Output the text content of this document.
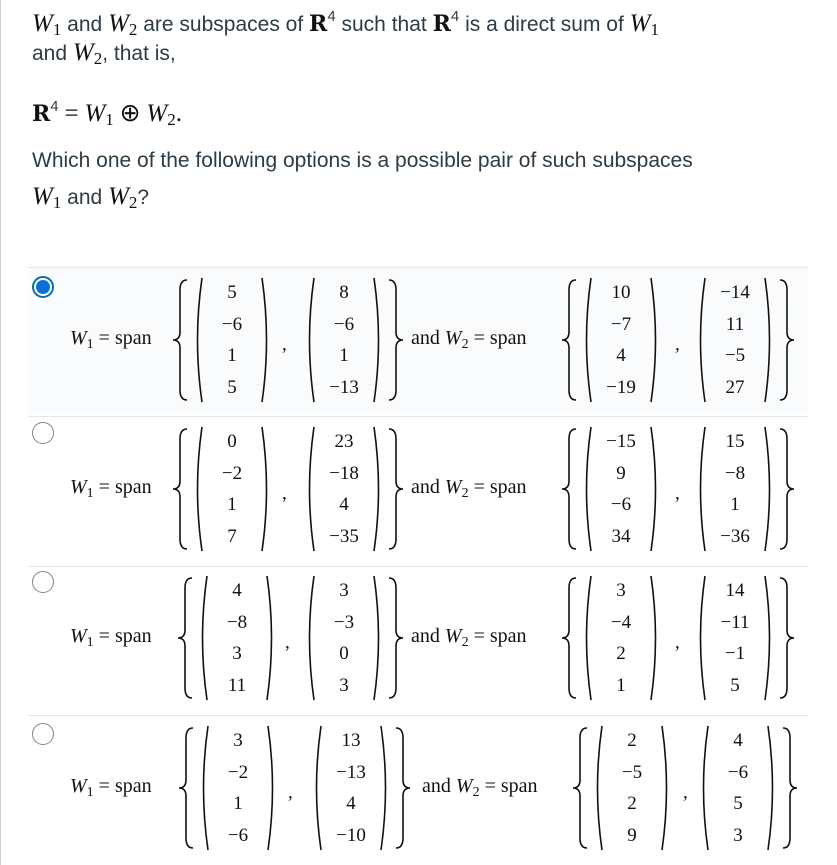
$W_1$ and $W_2$ are subspaces of $R^4$ such that $R^4$ is a direct sum of $W_1$
and $W_2$, that is,
$R^4 = W_1$ ⊕ $W_2$.
Which one of the following options is a possible pair of such subspaces
$W_1$ and $W_2$?
$W_1$ = span	and $W_2$ = span
5
−6
1
5
8
−6
1
−13
10
−7
4
−19
−14
11
−5
27
,	,
$W_1$ = span	and $W_2$ = span
0
−2
1
7
23
−18
4
−35
−15
9
−6
34
15
−8
1
−36
,	,
$W_1$ = span	and $W_2$ = span
4
−8
3
11
3
−3
0
3
3
−4
2
1
14
−11
−1
5
,	,
$W_1$ = span	and $W_2$ = span
3
−2
1
−6
13
−13
4
−10
2
−5
2
9
4
−6
5
3
,	,
